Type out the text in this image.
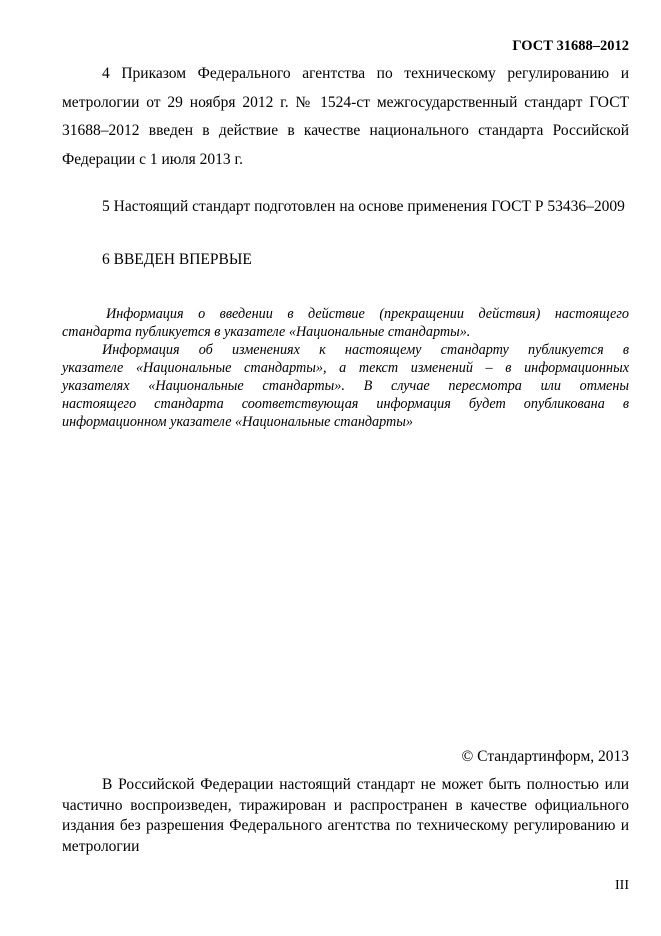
ГОСТ 31688–2012
4 Приказом Федерального агентства по техническому регулированию и
метрологии от 29 ноября 2012 г. № 1524-ст межгосударственный стандарт ГОСТ
31688–2012 введен в действие в качестве национального стандарта Российской
Федерации с 1 июля 2013 г.
5 Настоящий стандарт подготовлен на основе применения ГОСТ Р 53436–2009
6 ВВЕДЕН ВПЕРВЫЕ
Информация о введении в действие (прекращении действия) настоящего
стандарта публикуется в указателе «Национальные стандарты».
Информация об изменениях к настоящему стандарту публикуется в
указателе «Национальные стандарты», а текст изменений – в информационных
указателях «Национальные стандарты». В случае пересмотра или отмены
настоящего стандарта соответствующая информация будет опубликована в
информационном указателе «Национальные стандарты»
© Стандартинформ, 2013
В Российской Федерации настоящий стандарт не может быть полностью или
частично воспроизведен, тиражирован и распространен в качестве официального
издания без разрешения Федерального агентства по техническому регулированию и
метрологии
III
